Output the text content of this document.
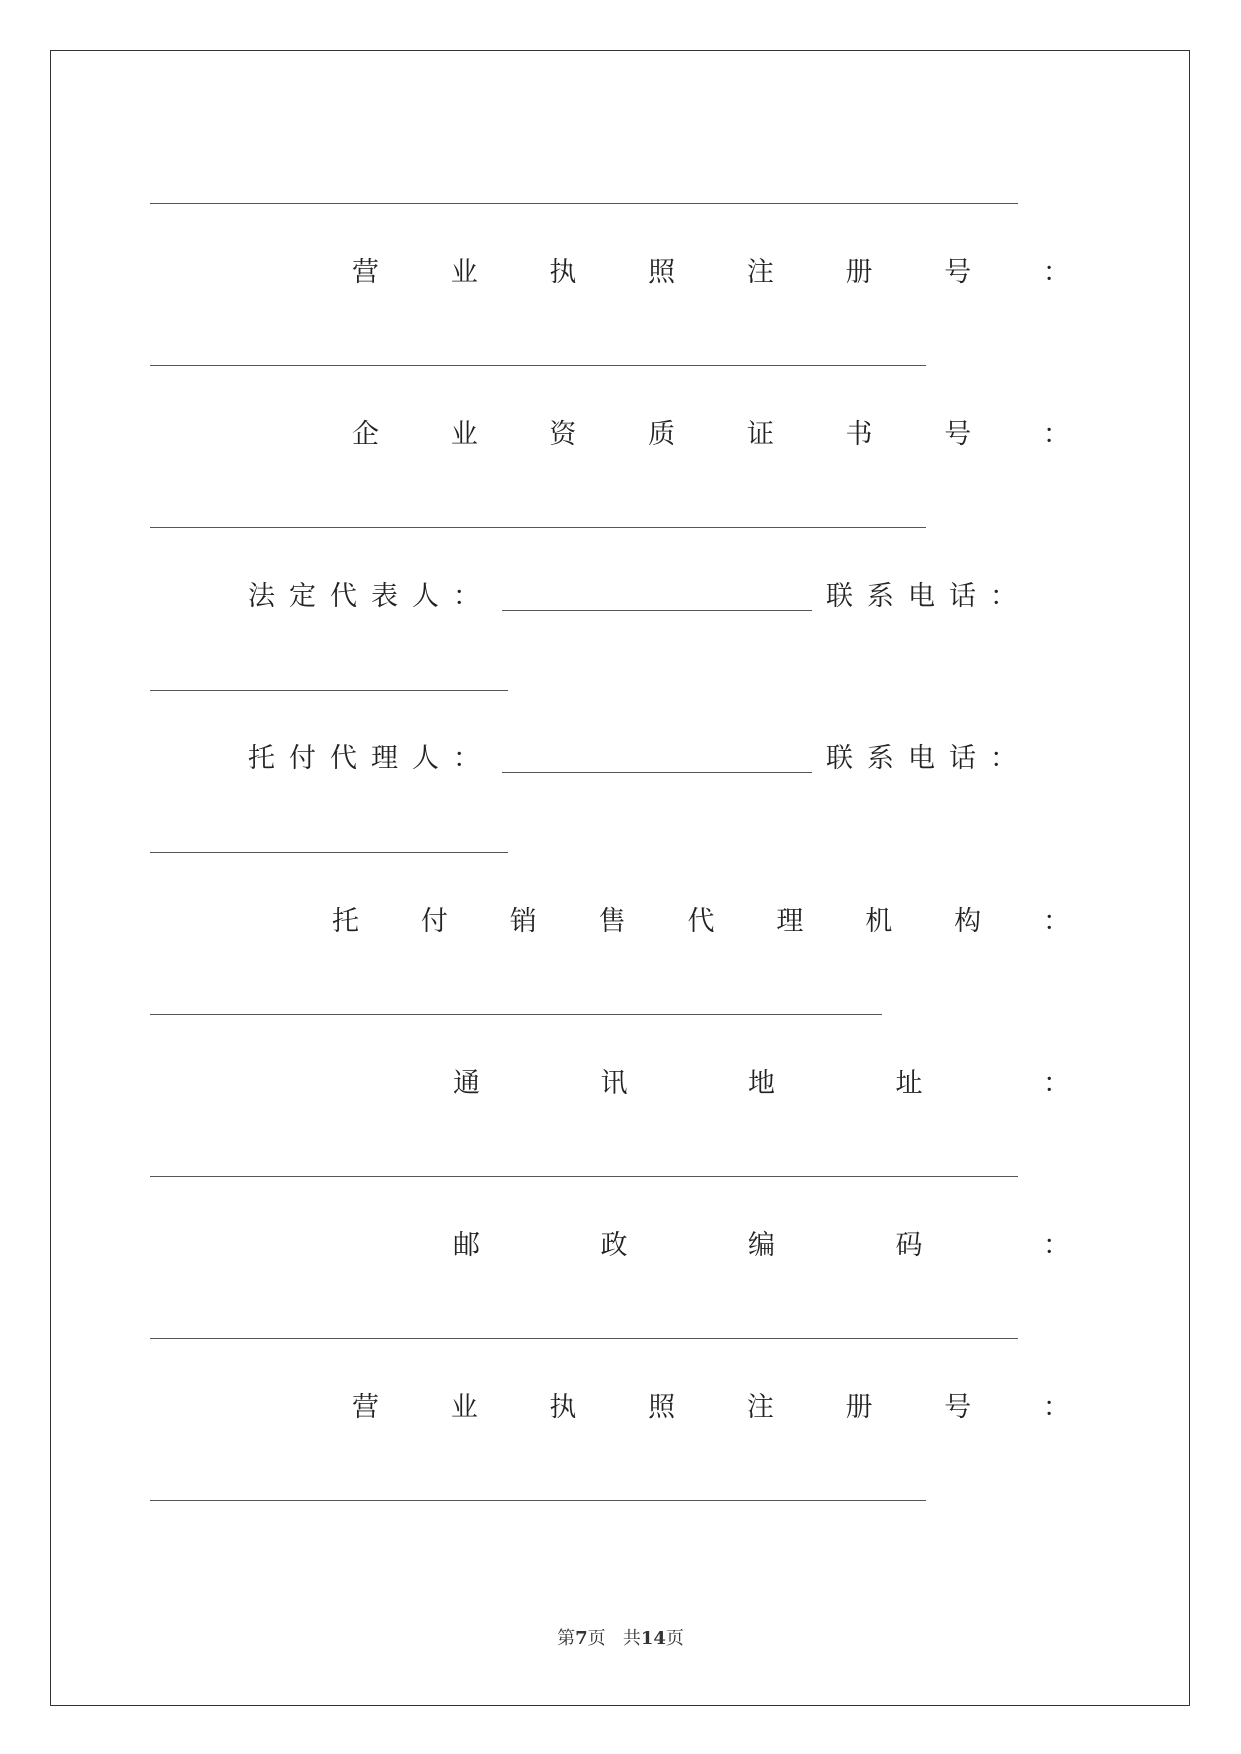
营	业	执	照	注	册	号	：
企	业	资	质	证	书	号	：
法定代表人：	联系电话：
托付代理人：	联系电话：
托 付 销 售 代 理 机 构 ：
通	讯	地	址	：
邮	政	编	码	：
营	业	执	照	注	册	号	：
第7页 共14页
